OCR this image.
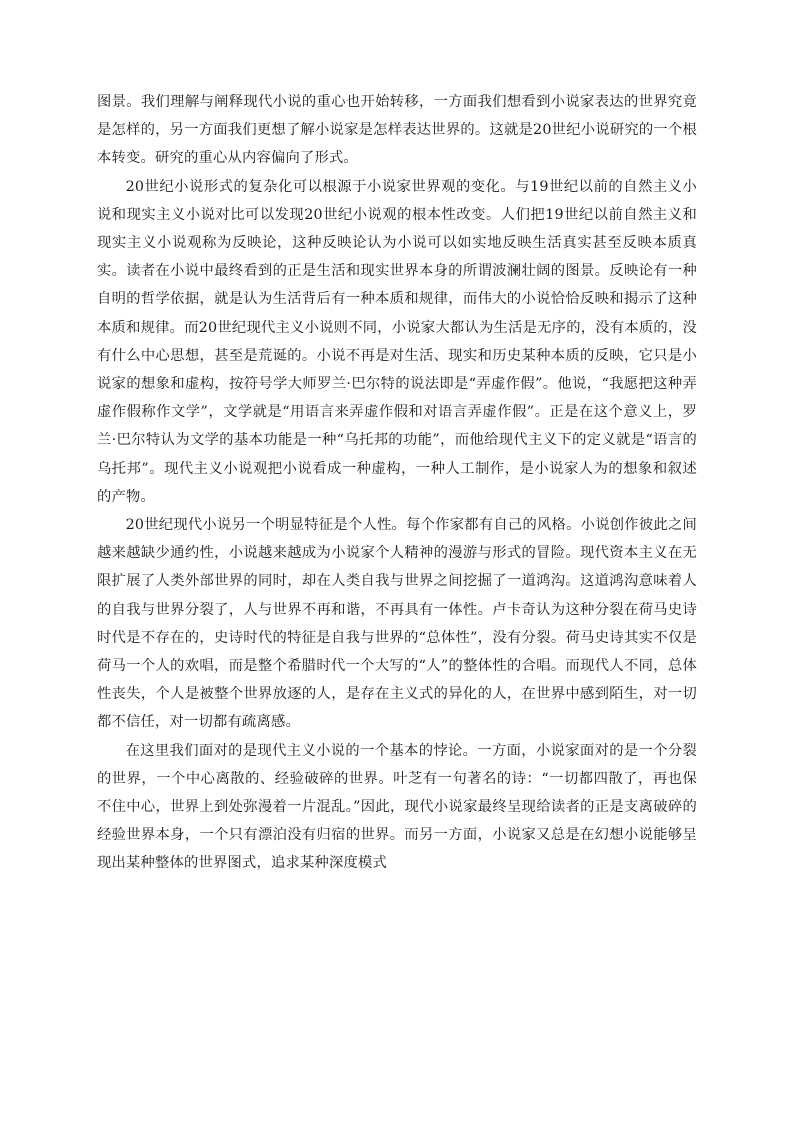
图景。我们理解与阐释现代小说的重心也开始转移，一方面我们想看到小说家表达的世界究竟是怎样的，另一方面我们更想了解小说家是怎样表达世界的。这就是20世纪小说研究的一个根本转变。研究的重心从内容偏向了形式。

20世纪小说形式的复杂化可以根源于小说家世界观的变化。与19世纪以前的自然主义小说和现实主义小说对比可以发现20世纪小说观的根本性改变。人们把19世纪以前自然主义和现实主义小说观称为反映论，这种反映论认为小说可以如实地反映生活真实甚至反映本质真实。读者在小说中最终看到的正是生活和现实世界本身的所谓波澜壮阔的图景。反映论有一种自明的哲学依据，就是认为生活背后有一种本质和规律，而伟大的小说恰恰反映和揭示了这种本质和规律。而20世纪现代主义小说则不同，小说家大都认为生活是无序的，没有本质的，没有什么中心思想，甚至是荒诞的。小说不再是对生活、现实和历史某种本质的反映，它只是小说家的想象和虚构，按符号学大师罗兰·巴尔特的说法即是“弄虚作假”。他说，“我愿把这种弄虚作假称作文学”，文学就是“用语言来弄虚作假和对语言弄虚作假”。正是在这个意义上，罗兰·巴尔特认为文学的基本功能是一种“乌托邦的功能”，而他给现代主义下的定义就是“语言的乌托邦”。现代主义小说观把小说看成一种虚构，一种人工制作，是小说家人为的想象和叙述的产物。

20世纪现代小说另一个明显特征是个人性。每个作家都有自己的风格。小说创作彼此之间越来越缺少通约性，小说越来越成为小说家个人精神的漫游与形式的冒险。现代资本主义在无限扩展了人类外部世界的同时，却在人类自我与世界之间挖掘了一道鸿沟。这道鸿沟意味着人的自我与世界分裂了，人与世界不再和谐，不再具有一体性。卢卡奇认为这种分裂在荷马史诗时代是不存在的，史诗时代的特征是自我与世界的“总体性”，没有分裂。荷马史诗其实不仅是荷马一个人的欢唱，而是整个希腊时代一个大写的“人”的整体性的合唱。而现代人不同，总体性丧失，个人是被整个世界放逐的人，是存在主义式的异化的人，在世界中感到陌生，对一切都不信任，对一切都有疏离感。

在这里我们面对的是现代主义小说的一个基本的悖论。一方面，小说家面对的是一个分裂的世界，一个中心离散的、经验破碎的世界。叶芝有一句著名的诗：“一切都四散了，再也保不住中心，世界上到处弥漫着一片混乱。”因此，现代小说家最终呈现给读者的正是支离破碎的经验世界本身，一个只有漂泊没有归宿的世界。而另一方面，小说家又总是在幻想小说能够呈现出某种整体的世界图式，追求某种深度模式
